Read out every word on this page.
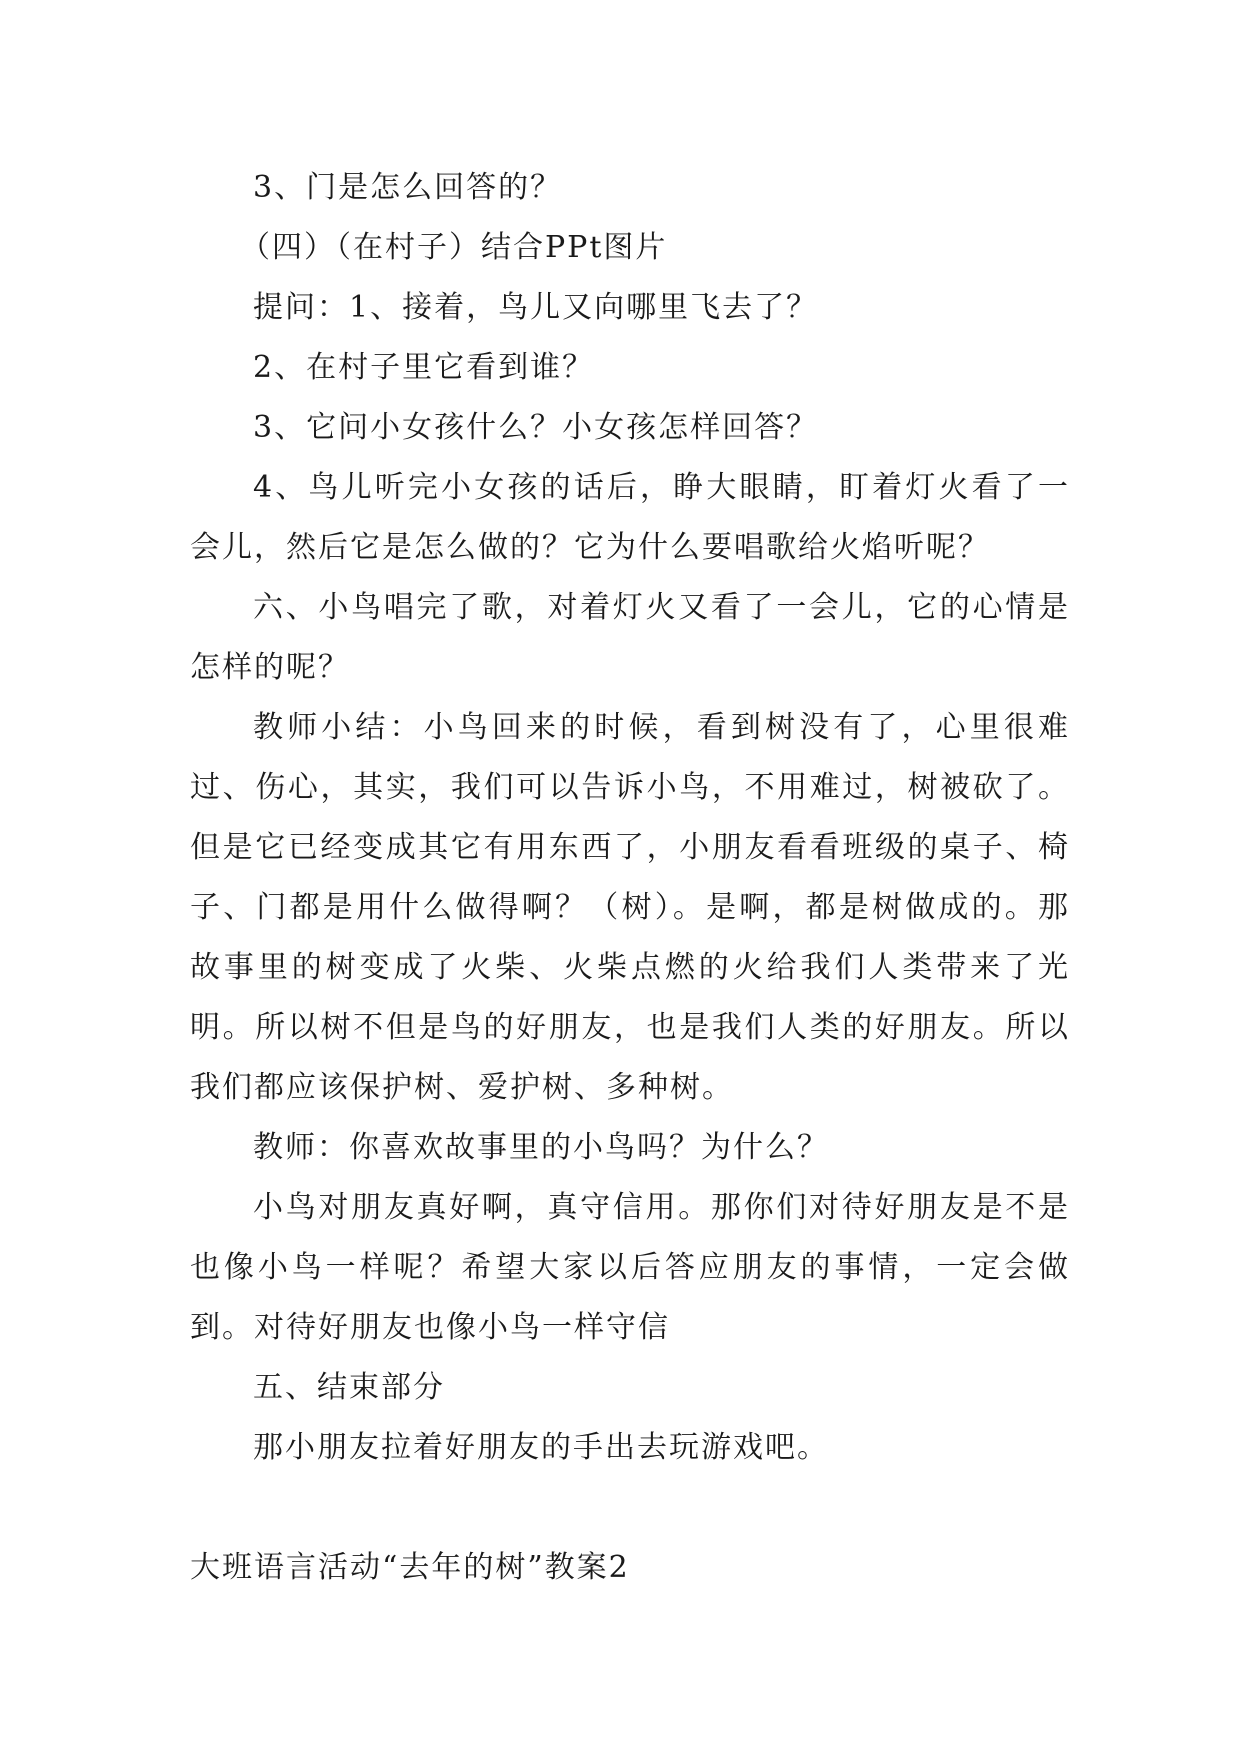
3、门是怎么回答的？

（四）（在村子）结合PPt图片

提问：1、接着，鸟儿又向哪里飞去了？

2、在村子里它看到谁？

3、它问小女孩什么？小女孩怎样回答？

4、鸟儿听完小女孩的话后，睁大眼睛，盯着灯火看了一会儿，然后它是怎么做的？它为什么要唱歌给火焰听呢？

六、小鸟唱完了歌，对着灯火又看了一会儿，它的心情是怎样的呢？

教师小结：小鸟回来的时候，看到树没有了，心里很难过、伤心，其实，我们可以告诉小鸟，不用难过，树被砍了。但是它已经变成其它有用东西了，小朋友看看班级的桌子、椅子、门都是用什么做得啊？（树）。是啊，都是树做成的。那故事里的树变成了火柴、火柴点燃的火给我们人类带来了光明。所以树不但是鸟的好朋友，也是我们人类的好朋友。所以我们都应该保护树、爱护树、多种树。

教师：你喜欢故事里的小鸟吗？为什么？

小鸟对朋友真好啊，真守信用。那你们对待好朋友是不是也像小鸟一样呢？希望大家以后答应朋友的事情，一定会做到。对待好朋友也像小鸟一样守信

五、结束部分

那小朋友拉着好朋友的手出去玩游戏吧。

大班语言活动“去年的树”教案2
